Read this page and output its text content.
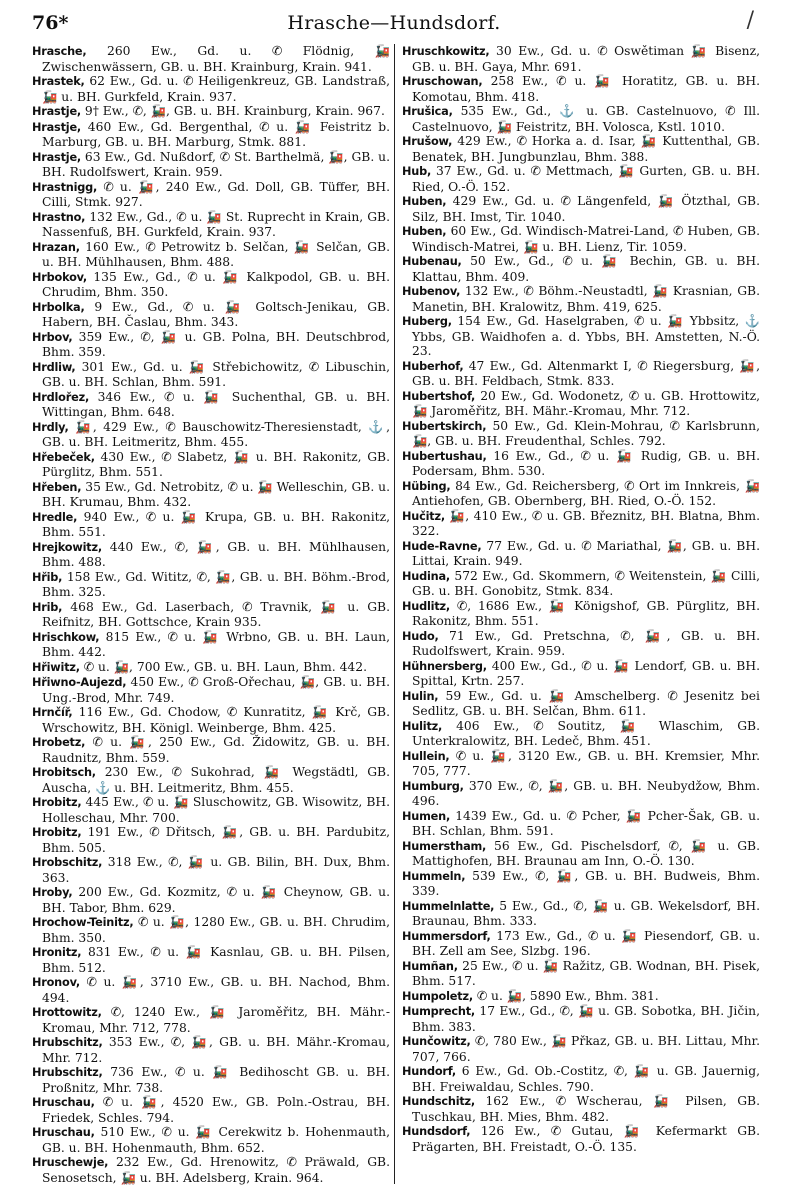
76*	Hrasche—Hundsdorf.	/

Hrasche, 260 Ew., Gd. u. ✆ Flödnig, 🚂 Zwischenwässern, GB. u. BH. Krainburg, Krain. 941.

Hrastek, 62 Ew., Gd. u. ✆ Heiligenkreuz, GB. Landstraß, 🚂 u. BH. Gurkfeld, Krain. 937.

Hrastje, 9† Ew., ✆, 🚂, GB. u. BH. Krainburg, Krain. 967.

Hrastje, 460 Ew., Gd. Bergenthal, ✆ u. 🚂 Feistritz b. Marburg, GB. u. BH. Marburg, Stmk. 881.

Hrastje, 63 Ew., Gd. Nußdorf, ✆ St. Barthelmä, 🚂, GB. u. BH. Rudolfswert, Krain. 959.

Hrastnigg, ✆ u. 🚂, 240 Ew., Gd. Doll, GB. Tüffer, BH. Cilli, Stmk. 927.

Hrastno, 132 Ew., Gd., ✆ u. 🚂 St. Ruprecht in Krain, GB. Nassenfuß, BH. Gurkfeld, Krain. 937.

Hrazan, 160 Ew., ✆ Petrowitz b. Selčan, 🚂 Selčan, GB. u. BH. Mühlhausen, Bhm. 488.

Hrbokov, 135 Ew., Gd., ✆ u. 🚂 Kalkpodol, GB. u. BH. Chrudim, Bhm. 350.

Hrbolka, 9 Ew., Gd., ✆ u. 🚂 Goltsch-Jenikau, GB. Habern, BH. Časlau, Bhm. 343.

Hrbov, 359 Ew., ✆, 🚂 u. GB. Polna, BH. Deutschbrod, Bhm. 359.

Hrdliw, 301 Ew., Gd. u. 🚂 Střebichowitz, ✆ Libuschin, GB. u. BH. Schlan, Bhm. 591.

Hrdlořez, 346 Ew., ✆ u. 🚂 Suchenthal, GB. u. BH. Wittingan, Bhm. 648.

Hrdly, 🚂, 429 Ew., ✆ Bauschowitz-Theresienstadt, ⚓, GB. u. BH. Leitmeritz, Bhm. 455.

Hřebeček, 430 Ew., ✆ Slabetz, 🚂 u. BH. Rakonitz, GB. Pürglitz, Bhm. 551.

Hřeben, 35 Ew., Gd. Netrobitz, ✆ u. 🚂 Welleschin, GB. u. BH. Krumau, Bhm. 432.

Hredle, 940 Ew., ✆ u. 🚂 Krupa, GB. u. BH. Rakonitz, Bhm. 551.

Hrejkowitz, 440 Ew., ✆, 🚂, GB. u. BH. Mühlhausen, Bhm. 488.

Hřib, 158 Ew., Gd. Wititz, ✆, 🚂, GB. u. BH. Böhm.-Brod, Bhm. 325.

Hrib, 468 Ew., Gd. Laserbach, ✆ Travnik, 🚂 u. GB. Reifnitz, BH. Gottschce, Krain 935.

Hrischkow, 815 Ew., ✆ u. 🚂 Wrbno, GB. u. BH. Laun, Bhm. 442.

Hřiwitz, ✆ u. 🚂, 700 Ew., GB. u. BH. Laun, Bhm. 442.

Hřiwno-Aujezd, 450 Ew., ✆ Groß-Ořechau, 🚂, GB. u. BH. Ung.-Brod, Mhr. 749.

Hrnčíř, 116 Ew., Gd. Chodow, ✆ Kunratitz, 🚂 Krč, GB. Wrschowitz, BH. Königl. Weinberge, Bhm. 425.

Hrobetz, ✆ u. 🚂, 250 Ew., Gd. Židowitz, GB. u. BH. Raudnitz, Bhm. 559.

Hrobitsch, 230 Ew., ✆ Sukohrad, 🚂 Wegstädtl, GB. Auscha, ⚓ u. BH. Leitmeritz, Bhm. 455.

Hrobitz, 445 Ew., ✆ u. 🚂 Sluschowitz, GB. Wisowitz, BH. Holleschau, Mhr. 700.

Hrobitz, 191 Ew., ✆ Dřitsch, 🚂, GB. u. BH. Pardubitz, Bhm. 505.

Hrobschitz, 318 Ew., ✆, 🚂 u. GB. Bilin, BH. Dux, Bhm. 363.

Hroby, 200 Ew., Gd. Kozmitz, ✆ u. 🚂 Cheynow, GB. u. BH. Tabor, Bhm. 629.

Hrochow-Teinitz, ✆ u. 🚂, 1280 Ew., GB. u. BH. Chrudim, Bhm. 350.

Hronitz, 831 Ew., ✆ u. 🚂 Kasnlau, GB. u. BH. Pilsen, Bhm. 512.

Hronov, ✆ u. 🚂, 3710 Ew., GB. u. BH. Nachod, Bhm. 494.

Hrottowitz, ✆, 1240 Ew., 🚂 Jaroměřitz, BH. Mähr.-Kromau, Mhr. 712, 778.

Hrubschitz, 353 Ew., ✆, 🚂, GB. u. BH. Mähr.-Kromau, Mhr. 712.

Hrubschitz, 736 Ew., ✆ u. 🚂 Bedihoscht GB. u. BH. Proßnitz, Mhr. 738.

Hruschau, ✆ u. 🚂, 4520 Ew., GB. Poln.-Ostrau, BH. Friedek, Schles. 794.

Hruschau, 510 Ew., ✆ u. 🚂 Cerekwitz b. Hohenmauth, GB. u. BH. Hohenmauth, Bhm. 652.

Hruschewje, 232 Ew., Gd. Hrenowitz, ✆ Präwald, GB. Senosetsch, 🚂 u. BH. Adelsberg, Krain. 964.

Hruschkowitz, 30 Ew., Gd. u. ✆ Oswětiman 🚂 Bisenz, GB. u. BH. Gaya, Mhr. 691.

Hruschowan, 258 Ew., ✆ u. 🚂 Horatitz, GB. u. BH. Komotau, Bhm. 418.

Hrušica, 535 Ew., Gd., ⚓ u. GB. Castelnuovo, ✆ Ill. Castelnuovo, 🚂 Feistritz, BH. Volosca, Kstl. 1010.

Hrušow, 429 Ew., ✆ Horka a. d. Isar, 🚂 Kuttenthal, GB. Benatek, BH. Jungbunzlau, Bhm. 388.

Hub, 37 Ew., Gd. u. ✆ Mettmach, 🚂 Gurten, GB. u. BH. Ried, O.-Ö. 152.

Huben, 429 Ew., Gd. u. ✆ Längenfeld, 🚂 Ötzthal, GB. Silz, BH. Imst, Tir. 1040.

Huben, 60 Ew., Gd. Windisch-Matrei-Land, ✆ Huben, GB. Windisch-Matrei, 🚂 u. BH. Lienz, Tir. 1059.

Hubenau, 50 Ew., Gd., ✆ u. 🚂 Bechin, GB. u. BH. Klattau, Bhm. 409.

Hubenov, 132 Ew., ✆ Böhm.-Neustadtl, 🚂 Krasnian, GB. Manetin, BH. Kralowitz, Bhm. 419, 625.

Huberg, 154 Ew., Gd. Haselgraben, ✆ u. 🚂 Ybbsitz, ⚓ Ybbs, GB. Waidhofen a. d. Ybbs, BH. Amstetten, N.-Ö. 23.

Huberhof, 47 Ew., Gd. Altenmarkt I, ✆ Riegersburg, 🚂, GB. u. BH. Feldbach, Stmk. 833.

Hubertshof, 20 Ew., Gd. Wodonetz, ✆ u. GB. Hrottowitz, 🚂 Jaroměřitz, BH. Mähr.-Kromau, Mhr. 712.

Hubertskirch, 50 Ew., Gd. Klein-Mohrau, ✆ Karlsbrunn, 🚂, GB. u. BH. Freudenthal, Schles. 792.

Hubertushau, 16 Ew., Gd., ✆ u. 🚂 Rudig, GB. u. BH. Podersam, Bhm. 530.

Hübing, 84 Ew., Gd. Reichersberg, ✆ Ort im Innkreis, 🚂 Antiehofen, GB. Obernberg, BH. Ried, O.-Ö. 152.

Hučitz, 🚂, 410 Ew., ✆ u. GB. Březnitz, BH. Blatna, Bhm. 322.

Hude-Ravne, 77 Ew., Gd. u. ✆ Mariathal, 🚂, GB. u. BH. Littai, Krain. 949.

Hudina, 572 Ew., Gd. Skommern, ✆ Weitenstein, 🚂 Cilli, GB. u. BH. Gonobitz, Stmk. 834.

Hudlitz, ✆, 1686 Ew., 🚂 Königshof, GB. Pürglitz, BH. Rakonitz, Bhm. 551.

Hudo, 71 Ew., Gd. Pretschna, ✆, 🚂, GB. u. BH. Rudolfswert, Krain. 959.

Hühnersberg, 400 Ew., Gd., ✆ u. 🚂 Lendorf, GB. u. BH. Spittal, Krtn. 257.

Hulin, 59 Ew., Gd. u. 🚂 Amschelberg. ✆ Jesenitz bei Sedlitz, GB. u. BH. Selčan, Bhm. 611.

Hulitz, 406 Ew., ✆ Soutitz, 🚂 Wlaschim, GB. Unterkralowitz, BH. Ledeč, Bhm. 451.

Hullein, ✆ u. 🚂, 3120 Ew., GB. u. BH. Kremsier, Mhr. 705, 777.

Humburg, 370 Ew., ✆, 🚂, GB. u. BH. Neubydžow, Bhm. 496.

Humen, 1439 Ew., Gd. u. ✆ Pcher, 🚂 Pcher-Šak, GB. u. BH. Schlan, Bhm. 591.

Humerstham, 56 Ew., Gd. Pischelsdorf, ✆, 🚂 u. GB. Mattighofen, BH. Braunau am Inn, O.-Ö. 130.

Hummeln, 539 Ew., ✆, 🚂, GB. u. BH. Budweis, Bhm. 339.

Hummelnlatte, 5 Ew., Gd., ✆, 🚂 u. GB. Wekelsdorf, BH. Braunau, Bhm. 333.

Hummersdorf, 173 Ew., Gd., ✆ u. 🚂 Piesendorf, GB. u. BH. Zell am See, Slzbg. 196.

Humñan, 25 Ew., ✆ u. 🚂 Ražitz, GB. Wodnan, BH. Pisek, Bhm. 517.

Humpoletz, ✆ u. 🚂, 5890 Ew., Bhm. 381.

Humprecht, 17 Ew., Gd., ✆, 🚂 u. GB. Sobotka, BH. Jičin, Bhm. 383.

Hunčowitz, ✆, 780 Ew., 🚂 Přkaz, GB. u. BH. Littau, Mhr. 707, 766.

Hundorf, 6 Ew., Gd. Ob.-Costitz, ✆, 🚂 u. GB. Jauernig, BH. Freiwaldau, Schles. 790.

Hundschitz, 162 Ew., ✆ Wscherau, 🚂 Pilsen, GB. Tuschkau, BH. Mies, Bhm. 482.

Hundsdorf, 126 Ew., ✆ Gutau, 🚂 Kefermarkt GB. Prägarten, BH. Freistadt, O.-Ö. 135.
